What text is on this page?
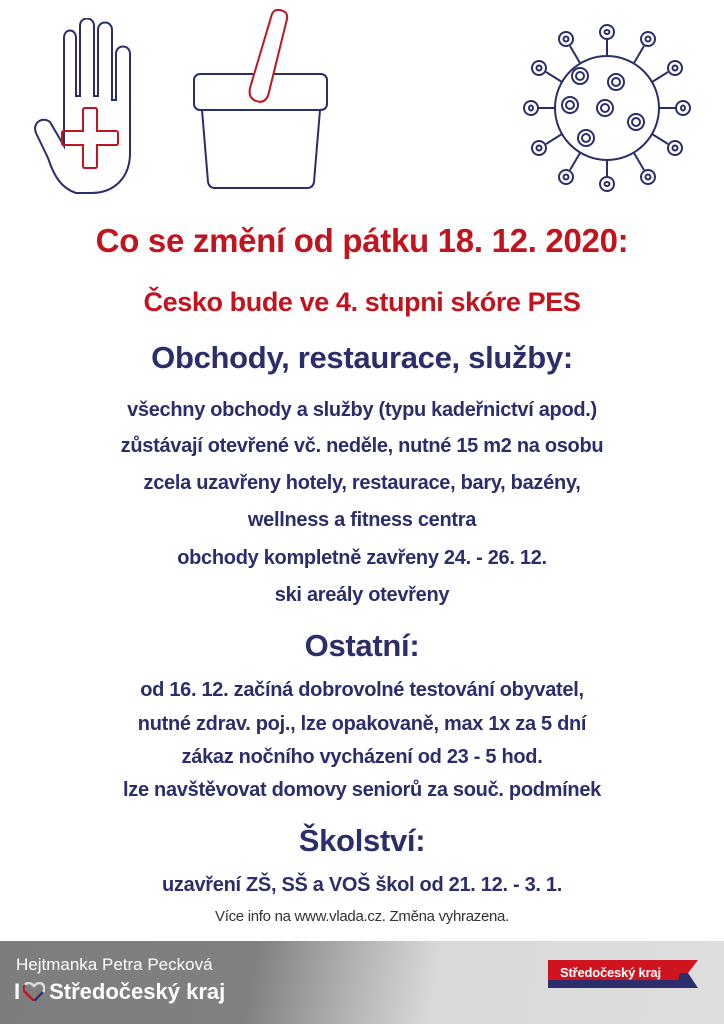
Co se změní od pátku 18. 12. 2020:
Česko bude ve 4. stupni skóre PES
Obchody, restaurace, služby:
všechny obchody a služby (typu kadeřnictví apod.)
zůstávají otevřené vč. neděle, nutné 15 m2 na osobu
zcela uzavřeny hotely, restaurace, bary, bazény,
wellness a fitness centra
obchody kompletně zavřeny 24. - 26. 12.
ski areály otevřeny
Ostatní:
od 16. 12. začíná dobrovolné testování obyvatel,
nutné zdrav. poj., lze opakovaně, max 1x za 5 dní
zákaz nočního vycházení od 23 - 5 hod.
lze navštěvovat domovy seniorů za souč. podmínek
Školství:
uzavření ZŠ, SŠ a VOŠ škol od 21. 12. - 3. 1.
Více info na www.vlada.cz. Změna vyhrazena.
Hejtmanka Petra Pecková
I Středočeský kraj
Středočeský kraj
